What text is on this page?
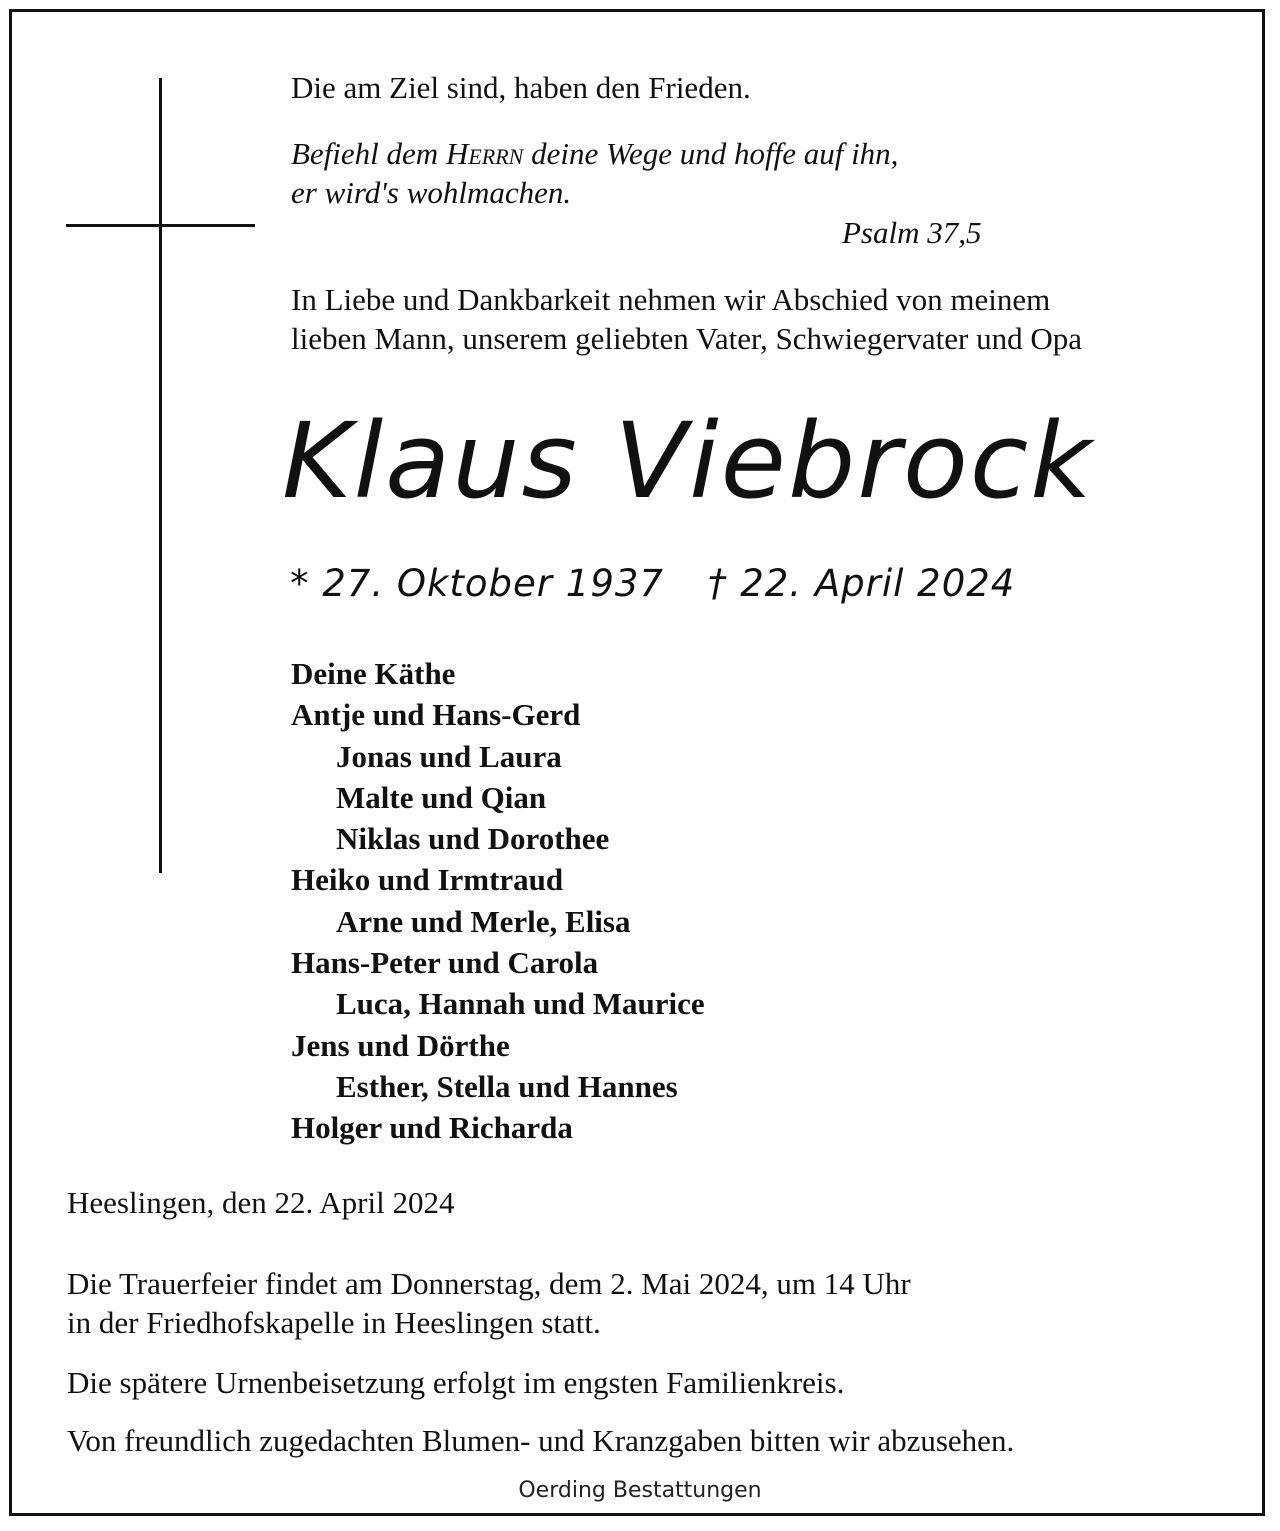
Die am Ziel sind, haben den Frieden.
Befiehl dem Herrn deine Wege und hoffe auf ihn,
er wird's wohlmachen.
Psalm 37,5
In Liebe und Dankbarkeit nehmen wir Abschied von meinem
lieben Mann, unserem geliebten Vater, Schwiegervater und Opa
Klaus Viebrock
* 27. Oktober 1937 † 22. April 2024
Deine Käthe
Antje und Hans-Gerd
Jonas und Laura
Malte und Qian
Niklas und Dorothee
Heiko und Irmtraud
Arne und Merle, Elisa
Hans-Peter und Carola
Luca, Hannah und Maurice
Jens und Dörthe
Esther, Stella und Hannes
Holger und Richarda
Heeslingen, den 22. April 2024
Die Trauerfeier findet am Donnerstag, dem 2. Mai 2024, um 14 Uhr
in der Friedhofskapelle in Heeslingen statt.
Die spätere Urnenbeisetzung erfolgt im engsten Familienkreis.
Von freundlich zugedachten Blumen- und Kranzgaben bitten wir abzusehen.
Oerding Bestattungen
